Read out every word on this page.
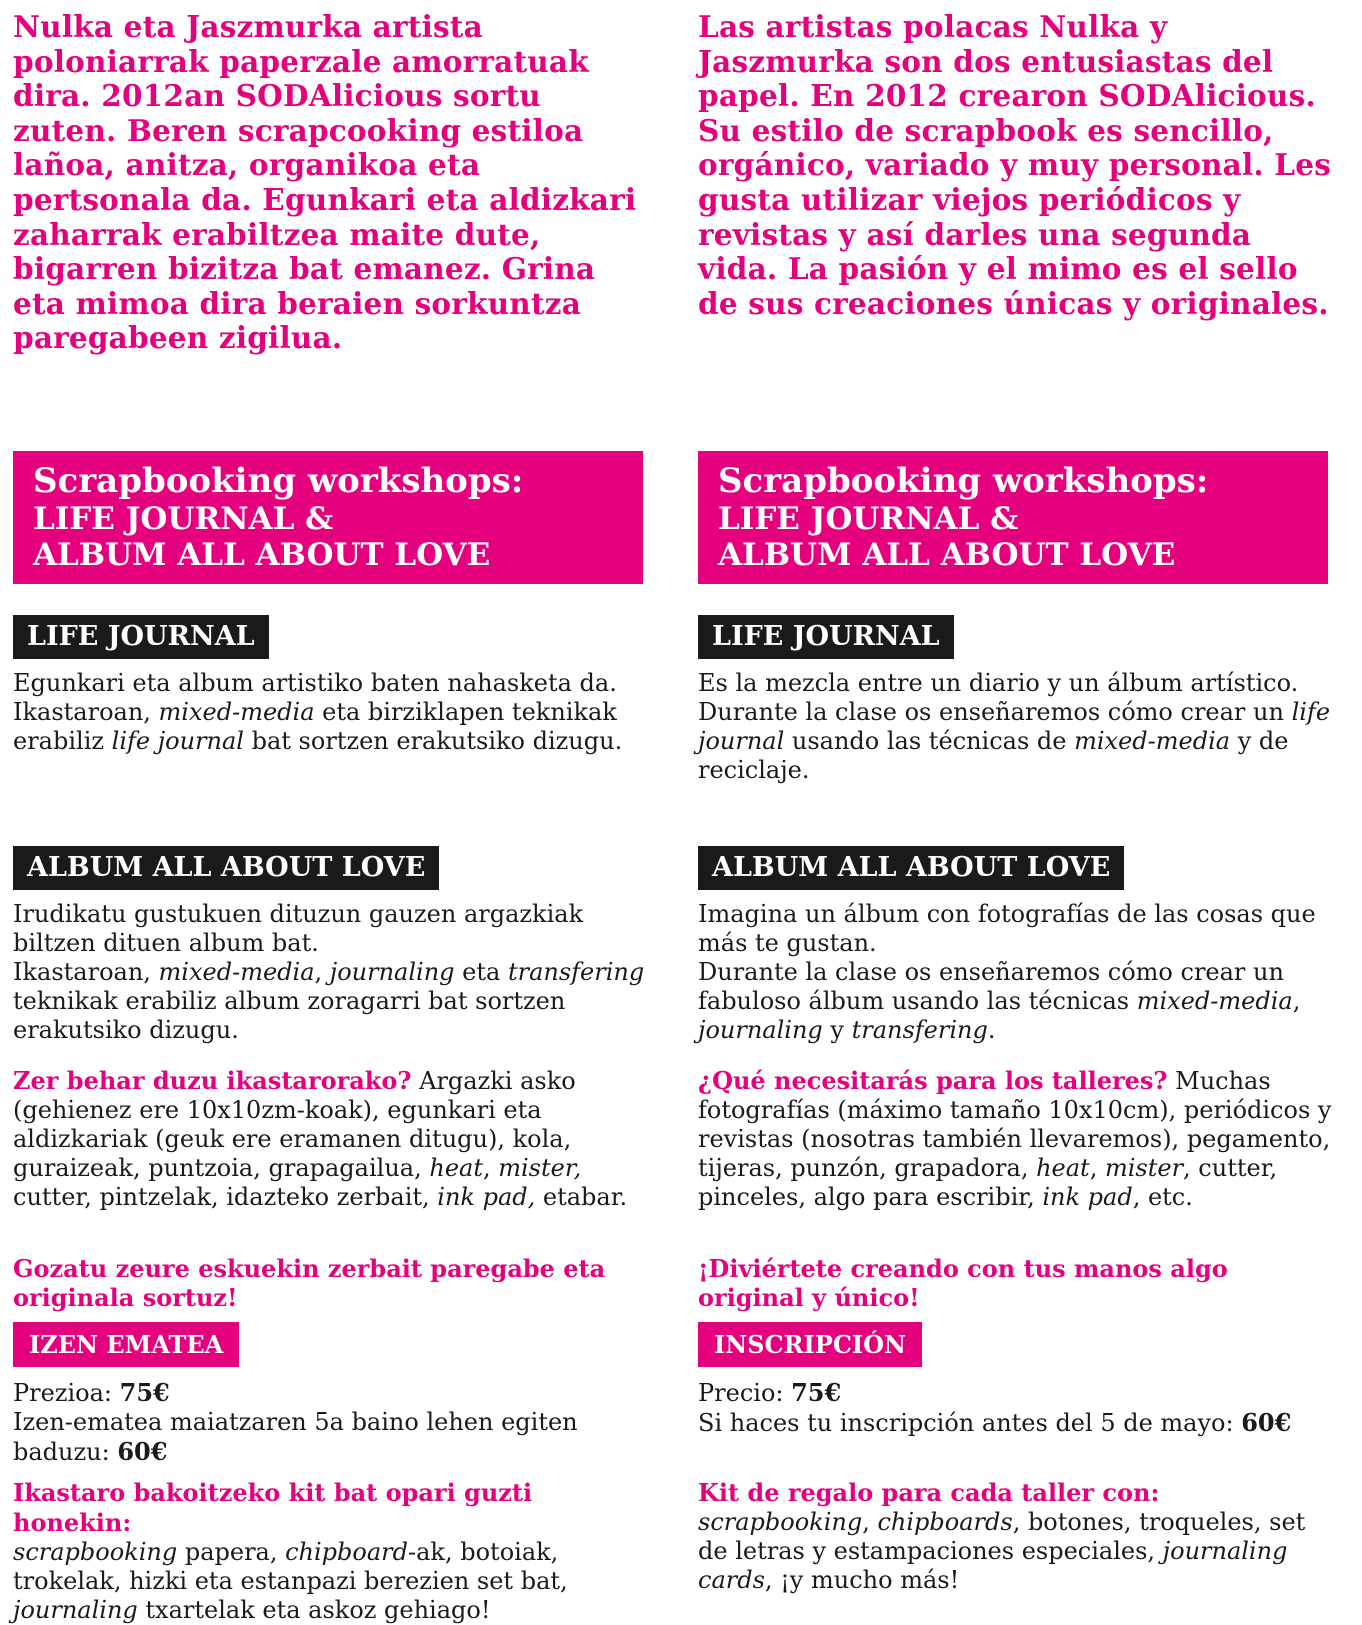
Nulka eta Jaszmurka artista poloniarrak paperzale amorratuak dira. 2012an SODAlicious sortu zuten. Beren scrapcooking estiloa lañoa, anitza, organikoa eta pertsonala da. Egunkari eta aldizkari zaharrak erabiltzea maite dute, bigarren bizitza bat emanez. Grina eta mimoa dira beraien sorkuntza paregabeen zigilua.
Scrapbooking workshops:
LIFE JOURNAL &
ALBUM ALL ABOUT LOVE
LIFE JOURNAL
Egunkari eta album artistiko baten nahasketa da.
Ikastaroan, mixed-media eta birziklapen teknikak erabiliz life journal bat sortzen erakutsiko dizugu.
ALBUM ALL ABOUT LOVE
Irudikatu gustukuen dituzun gauzen argazkiak biltzen dituen album bat.
Ikastaroan, mixed-media, journaling eta transfering teknikak erabiliz album zoragarri bat sortzen erakutsiko dizugu.
Zer behar duzu ikastarorako? Argazki asko (gehienez ere 10x10zm-koak), egunkari eta aldizkariak (geuk ere eramanen ditugu), kola, guraizeak, puntzoia, grapagailua, heat, mister, cutter, pintzelak, idazteko zerbait, ink pad, etabar.
Gozatu zeure eskuekin zerbait paregabe eta originala sortuz!
IZEN EMATEA
Prezioa: 75€
Izen-ematea maiatzaren 5a baino lehen egiten baduzu: 60€
Ikastaro bakoitzeko kit bat opari guzti honekin:
scrapbooking papera, chipboard-ak, botoiak, trokelak, hizki eta estanpazi berezien set bat, journaling txartelak eta askoz gehiago!
Las artistas polacas Nulka y Jaszmurka son dos entusiastas del papel. En 2012 crearon SODAlicious. Su estilo de scrapbook es sencillo, orgánico, variado y muy personal. Les gusta utilizar viejos periódicos y revistas y así darles una segunda vida. La pasión y el mimo es el sello de sus creaciones únicas y originales.
Scrapbooking workshops:
LIFE JOURNAL &
ALBUM ALL ABOUT LOVE
LIFE JOURNAL
Es la mezcla entre un diario y un álbum artístico.
Durante la clase os enseñaremos cómo crear un life journal usando las técnicas de mixed-media y de reciclaje.
ALBUM ALL ABOUT LOVE
Imagina un álbum con fotografías de las cosas que más te gustan.
Durante la clase os enseñaremos cómo crear un fabuloso álbum usando las técnicas mixed-media, journaling y transfering.
¿Qué necesitarás para los talleres? Muchas fotografías (máximo tamaño 10x10cm), periódicos y revistas (nosotras también llevaremos), pegamento, tijeras, punzón, grapadora, heat, mister, cutter, pinceles, algo para escribir, ink pad, etc.
¡Diviértete creando con tus manos algo original y único!
INSCRIPCIÓN
Precio: 75€
Si haces tu inscripción antes del 5 de mayo: 60€
Kit de regalo para cada taller con: scrapbooking, chipboards, botones, troqueles, set de letras y estampaciones especiales, journaling cards, ¡y mucho más!
